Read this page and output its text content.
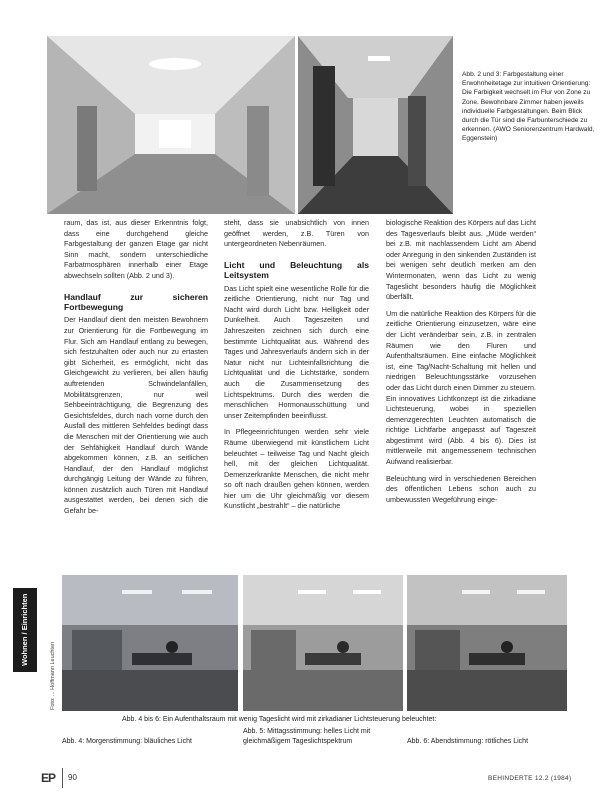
Abb. 2 und 3: Farbgestaltung einer Erwohnheitetage zur intuitiven Orientierung: Die Farbigkeit wechselt im Flur von Zone zu Zone. Bewohnbare Zimmer haben jeweils individuelle Farbgestaltungen. Beim Blick durch die Tür sind die Farbunterschiede zu erkennen. (AWO Seniorenzentrum Hardwald, Eggenstein)

raum, das ist, aus dieser Erkenntnis folgt, dass eine durchgehend gleiche Farbgestaltung der ganzen Etage gar nicht Sinn macht, sondern unterschiedliche Farbatmosphären innerhalb einer Etage abwechseln sollten (Abb. 2 und 3).

Handlauf zur sicheren Fortbewegung

Der Handlauf dient den meisten Bewohnern zur Orientierung für die Fortbewegung im Flur. Sich am Handlauf entlang zu bewegen, sich festzuhalten oder auch nur zu ertasten gibt Sicherheit, es ermöglicht, nicht das Gleichgewicht zu verlieren, bei allen häufig auftretenden Schwindelanfällen, Mobilitätsgrenzen, nur weil Sehbeeinträchtigung, die Begrenzung des Gesichtsfeldes, durch nach vorne durch den Ausfall des mittleren Sehfeldes bedingt dass die Menschen mit der Orientierung wie auch der Sehfähigkeit Handlauf durch Wände abgekommen können, z.B. an seitlichen Handlauf, der den Handlauf möglichst durchgängig Leitung der Wände zu führen, können zusätzlich auch Türen mit Handlauf ausgestattet werden, bei denen sich die Gefahr be-

steht, dass sie unabsichtlich von innen geöffnet werden, z.B. Türen von untergeordneten Nebenräumen.

Licht und Beleuchtung als Leitsystem

Das Licht spielt eine wesentliche Rolle für die zeitliche Orientierung, nicht nur Tag und Nacht wird durch Licht bzw. Helligkeit oder Dunkelheit. Auch Tageszeiten und Jahreszeiten zeichnen sich durch eine bestimmte Lichtqualität aus. Während des Tages und Jahresverlaufs ändern sich in der Natur nicht nur Lichteinfallsrichtung die Lichtqualität und die Lichtstärke, sondern auch die Zusammensetzung des Lichtspektrums. Durch dies werden die menschlichen Hormonausschüttung und unser Zeitempfinden beeinflusst.

In Pflegeeinrichtungen werden sehr viele Räume überwiegend mit künstlichem Licht beleuchtet – teilweise Tag und Nacht gleich hell, mit der gleichen Lichtqualität. Demenzerkrankte Menschen, die nicht mehr so oft nach draußen gehen können, werden hier um die Uhr gleichmäßig vor diesem Kunstlicht „bestrahlt“ – die natürliche

biologische Reaktion des Körpers auf das Licht des Tagesverlaufs bleibt aus. „Müde werden“ bei z.B. mit nachlassendem Licht am Abend oder Anregung in den sinkenden Zuständen ist bei wenigen sehr deutlich merken am den Wintermonaten, wenn das Licht zu wenig Tageslicht besonders häufig die Möglichkeit überfällt.

Um die natürliche Reaktion des Körpers für die zeitliche Orientierung einzusetzen, wäre eine der Licht veränderbar sein, z.B. in zentralen Räumen wie den Fluren und Aufenthaltsräumen. Eine einfache Möglichkeit ist, eine Tag/Nacht-Schaltung mit hellen und niedrigen Beleuchtungsstärke vorzusehen oder das Licht durch einen Dimmer zu steuern. Ein innovatives Lichtkonzept ist die zirkadiane Lichtsteuerung, wobei in speziellen demenzgerechten Leuchten automatisch die richtige Lichtfarbe angepasst auf Tageszeit abgestimmt wird (Abb. 4 bis 6). Dies ist mittlerweile mit angemessenem technischen Aufwand realisierbar.

Beleuchtung wird in verschiedenen Bereichen des öffentlichen Lebens schon auch zu umbewussten Wegeführung einge-

Wohnen / Einrichten
Foto: ... Hoffmann Leuchten
Abb. 4 bis 6: Ein Aufenthaltsraum mit wenig Tageslicht wird mit zirkadianer Lichtsteuerung beleuchtet:
Abb. 5: Mittagsstimmung: helles Licht mit gleichmäßigem Tageslichtspektrum
Abb. 4: Morgenstimmung: bläuliches Licht	Abb. 6: Abendstimmung: rötliches Licht
EP 90	BEHINDERTE 12.2 (1984)
